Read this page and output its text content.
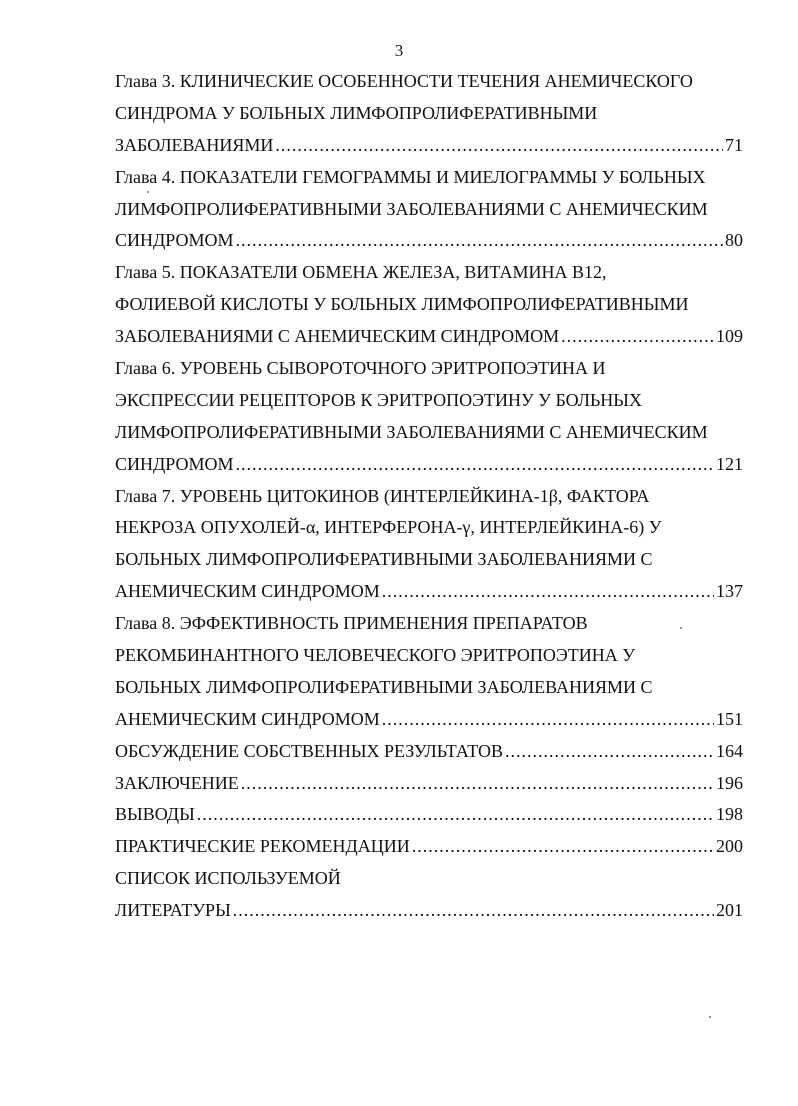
3
Глава 3. КЛИНИЧЕСКИЕ ОСОБЕННОСТИ ТЕЧЕНИЯ АНЕМИЧЕСКОГО
СИНДРОМА У БОЛЬНЫХ ЛИМФОПРОЛИФЕРАТИВНЫМИ
ЗАБОЛЕВАНИЯМИ .....	71
Глава 4. ПОКАЗАТЕЛИ ГЕМОГРАММЫ И МИЕЛОГРАММЫ У БОЛЬНЫХ
ЛИМФОПРОЛИФЕРАТИВНЫМИ ЗАБОЛЕВАНИЯМИ С АНЕМИЧЕСКИМ
СИНДРОМОМ .....	80
Глава 5. ПОКАЗАТЕЛИ ОБМЕНА ЖЕЛЕЗА, ВИТАМИНА В12,
ФОЛИЕВОЙ КИСЛОТЫ У БОЛЬНЫХ ЛИМФОПРОЛИФЕРАТИВНЫМИ
ЗАБОЛЕВАНИЯМИ С АНЕМИЧЕСКИМ СИНДРОМОМ .....	109
Глава 6. УРОВЕНЬ СЫВОРОТОЧНОГО ЭРИТРОПОЭТИНА И
ЭКСПРЕССИИ РЕЦЕПТОРОВ К ЭРИТРОПОЭТИНУ У БОЛЬНЫХ
ЛИМФОПРОЛИФЕРАТИВНЫМИ ЗАБОЛЕВАНИЯМИ С АНЕМИЧЕСКИМ
СИНДРОМОМ .....	121
Глава 7. УРОВЕНЬ ЦИТОКИНОВ (ИНТЕРЛЕЙКИНА-1β, ФАКТОРА
НЕКРОЗА ОПУХОЛЕЙ-α, ИНТЕРФЕРОНА-γ, ИНТЕРЛЕЙКИНА-6) У
БОЛЬНЫХ ЛИМФОПРОЛИФЕРАТИВНЫМИ ЗАБОЛЕВАНИЯМИ С
АНЕМИЧЕСКИМ СИНДРОМОМ .....	137
Глава 8. ЭФФЕКТИВНОСТЬ ПРИМЕНЕНИЯ ПРЕПАРАТОВ
РЕКОМБИНАНТНОГО ЧЕЛОВЕЧЕСКОГО ЭРИТРОПОЭТИНА У
БОЛЬНЫХ ЛИМФОПРОЛИФЕРАТИВНЫМИ ЗАБОЛЕВАНИЯМИ С
АНЕМИЧЕСКИМ СИНДРОМОМ .....	151
ОБСУЖДЕНИЕ СОБСТВЕННЫХ РЕЗУЛЬТАТОВ .....	164
ЗАКЛЮЧЕНИЕ .....	196
ВЫВОДЫ .....	198
ПРАКТИЧЕСКИЕ РЕКОМЕНДАЦИИ .....	200
СПИСОК ИСПОЛЬЗУЕМОЙ
ЛИТЕРАТУРЫ .....	201
